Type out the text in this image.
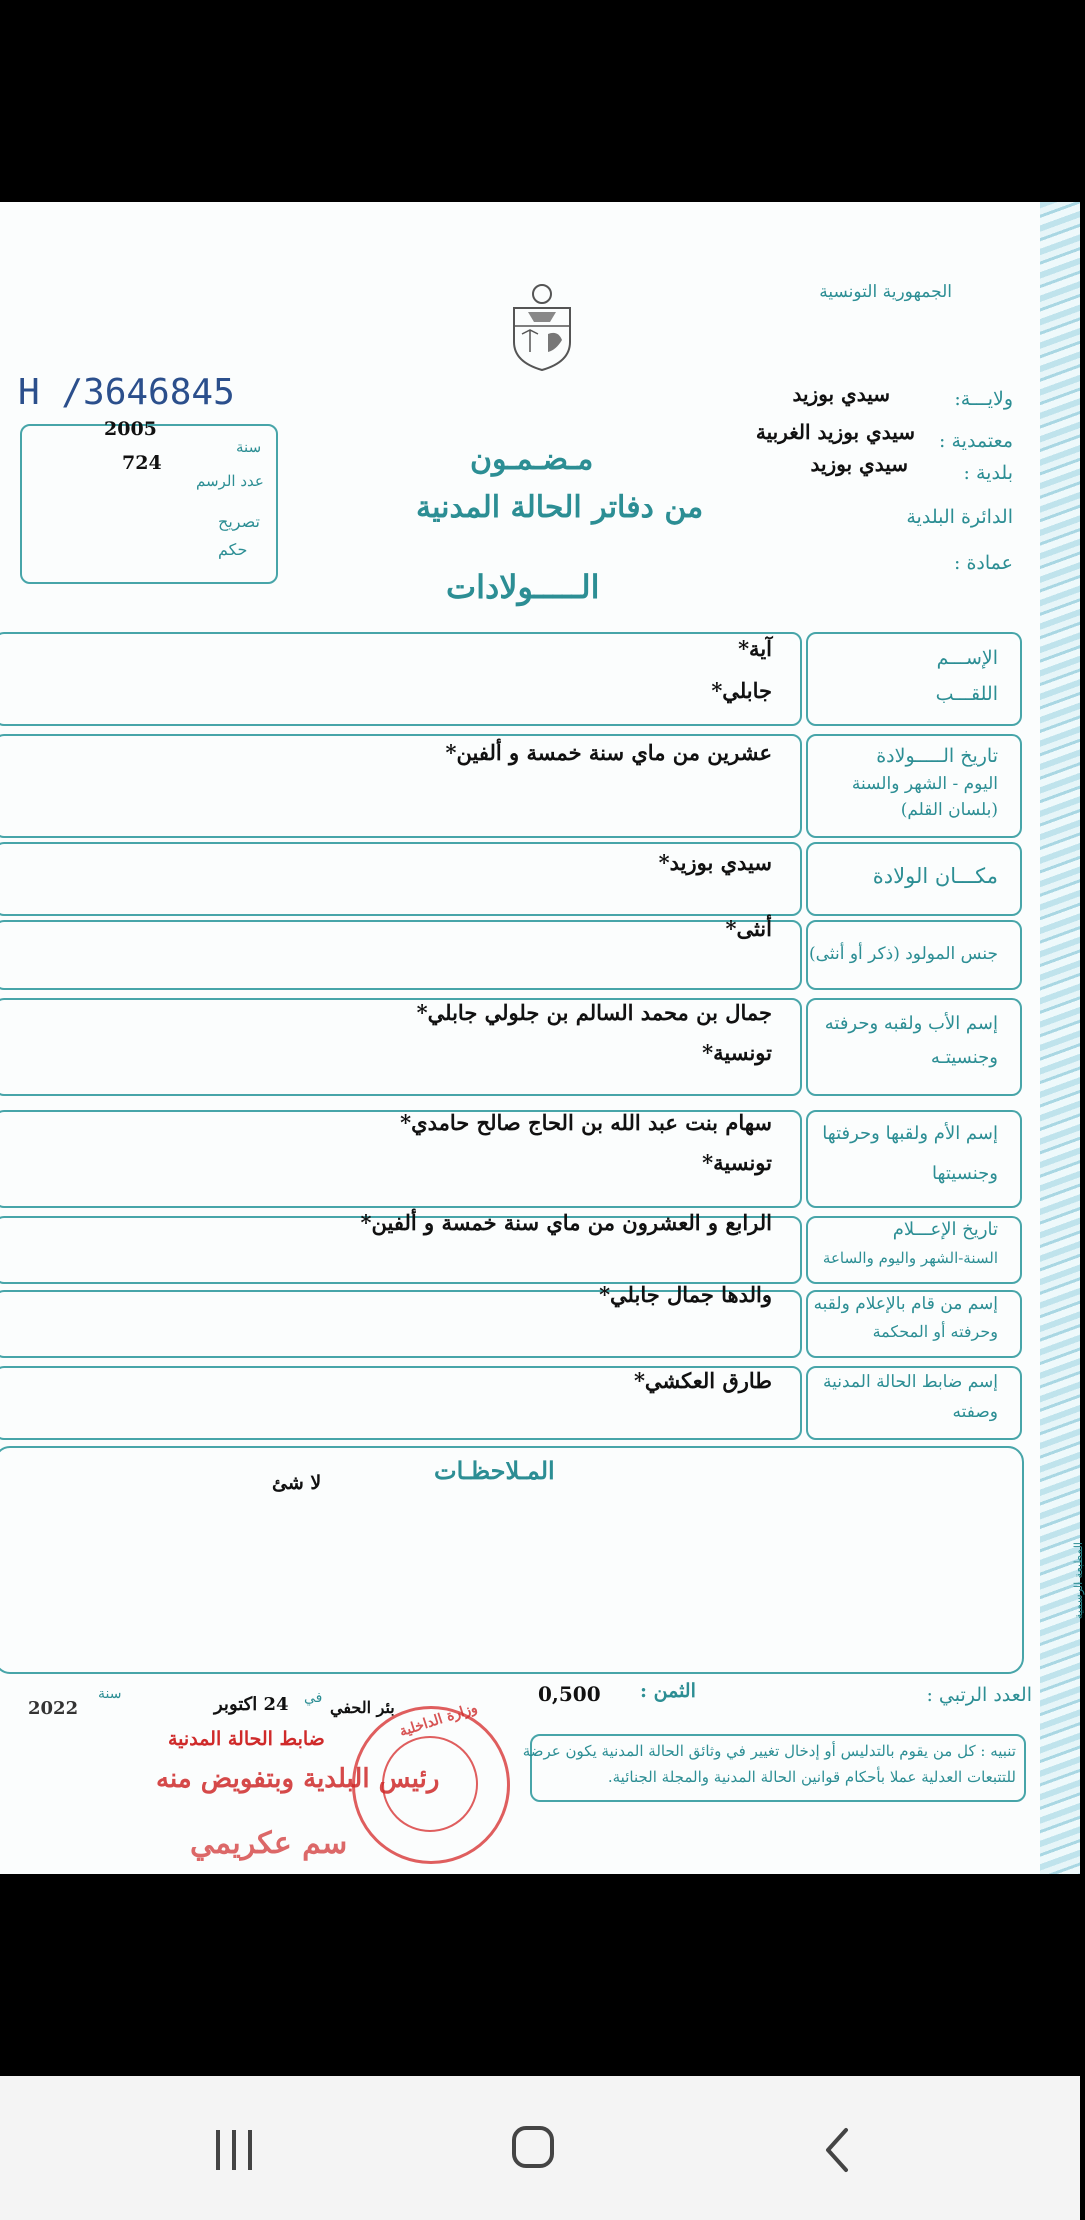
الجمهورية التونسية
ولايـــة:
سيدي بوزيد
معتمدية :
سيدي بوزيد الغربية
بلدية :
سيدي بوزيد
الدائرة البلدية
عمادة :
H /3646845
2005
سنة
724
عدد الرسم
تصريح
حكم
مـضـمـون
من دفاتر الحالة المدنية
الـــــولادات
الإســـم
اللقـــب
آية*
جابلي*
تاريخ الـــــولادة
اليوم - الشهر والسنة
(بلسان القلم)
عشرين من ماي سنة خمسة و ألفين*
مكـــان الولادة
سيدي بوزيد*
جنس المولود (ذكر أو أنثى)
أنثى*
إسم الأب ولقبه وحرفته
وجنسيتـه
جمال بن محمد السالم بن جلولي جابلي*
تونسية*
إسم الأم ولقبها وحرفتها
وجنسيتها
سهام بنت عبد الله بن الحاج صالح حامدي*
تونسية*
تاريخ الإعـــلام
السنة-الشهر واليوم والساعة
الرابع و العشرون من ماي سنة خمسة و ألفين*
إسم من قام بالإعلام ولقبه
وحرفته أو المحكمة
والدها جمال جابلي*
إسم ضابط الحالة المدنية
وصفته
طارق العكشي*
المـلاحظـات
لا شئ
المطبعة الرسمية
العدد الرتبي :
الثمن :
0,500
بئر الحفي
في
24 اكتوبر
سنة
2022
ضابط الحالة المدنية
تنبيه : كل من يقوم بالتدليس أو إدخال تغيير في وثائق الحالة المدنية يكون عرضة
للتتبعات العدلية عملا بأحكام قوانين الحالة المدنية والمجلة الجنائية.
وزارة الداخلية
رئيس البلدية وبتفويض منه
سم عكريمي
